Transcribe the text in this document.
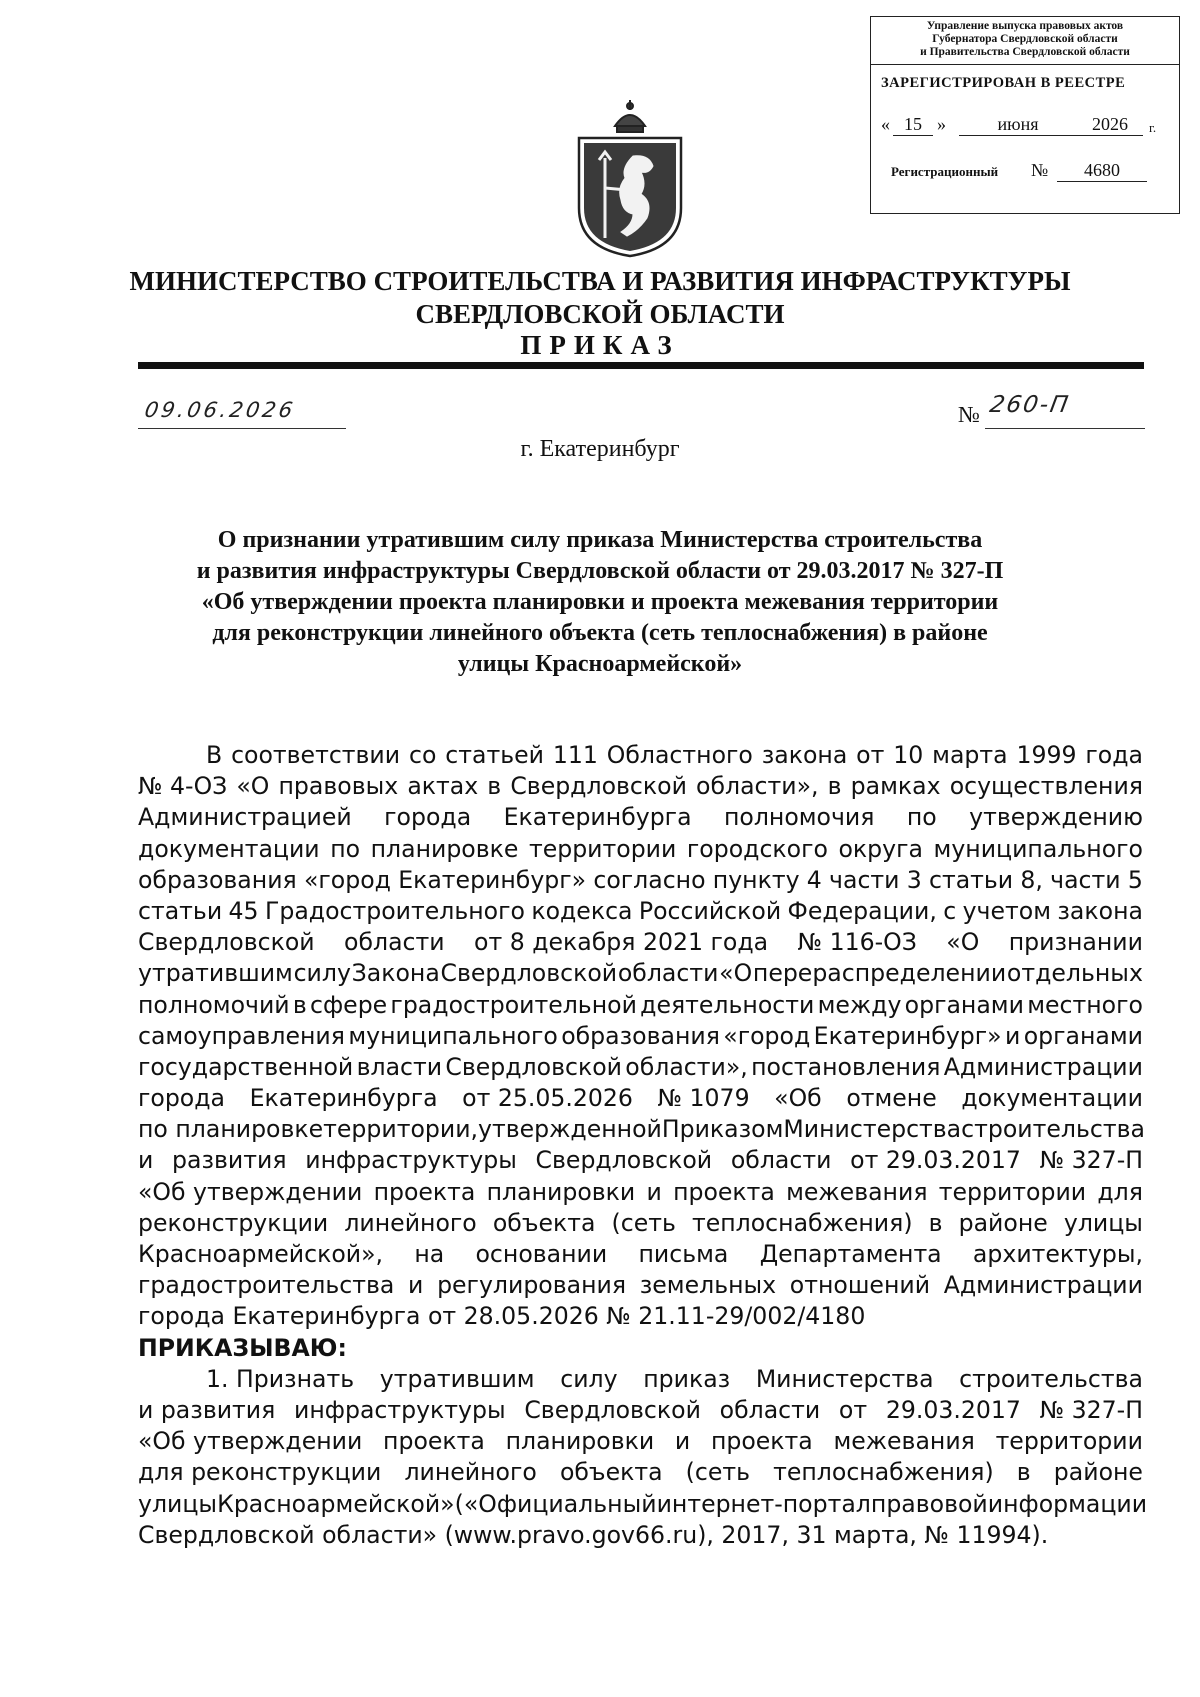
Управление выпуска правовых актов
Губернатора Свердловской области
и Правительства Свердловской области
ЗАРЕГИСТРИРОВАН В РЕЕСТРЕ
« 15 »	июня	2026	г.
Регистрационный №	4680
МИНИСТЕРСТВО СТРОИТЕЛЬСТВА И РАЗВИТИЯ ИНФРАСТРУКТУРЫ
СВЕРДЛОВСКОЙ ОБЛАСТИ
ПРИКАЗ
09.06.2026	№ 260-П
г. Екатеринбург
О признании утратившим силу приказа Министерства строительства
и развития инфраструктуры Свердловской области от 29.03.2017 № 327-П
«Об утверждении проекта планировки и проекта межевания территории
для реконструкции линейного объекта (сеть теплоснабжения) в районе
улицы Красноармейской»
В соответствии со статьей 111 Областного закона от 10 марта 1999 года
№ 4-ОЗ «О правовых актах в Свердловской области», в рамках осуществления
Администрацией города Екатеринбурга полномочия по утверждению
документации по планировке территории городского округа муниципального
образования «город Екатеринбург» согласно пункту 4 части 3 статьи 8, части 5
статьи 45 Градостроительного кодекса Российской Федерации, с учетом закона
Свердловской области от 8 декабря 2021 года № 116-ОЗ «О признании
утратившим силу Закона Свердловской области «О перераспределении отдельных
полномочий в сфере градостроительной деятельности между органами местного
самоуправления муниципального образования «город Екатеринбург» и органами
государственной власти Свердловской области», постановления Администрации
города Екатеринбурга от 25.05.2026 № 1079 «Об отмене документации
по планировке территории, утвержденной Приказом Министерства строительства
и развития инфраструктуры Свердловской области от 29.03.2017 № 327-П
«Об утверждении проекта планировки и проекта межевания территории для
реконструкции линейного объекта (сеть теплоснабжения) в районе улицы
Красноармейской», на основании письма Департамента архитектуры,
градостроительства и регулирования земельных отношений Администрации
города Екатеринбурга от 28.05.2026 № 21.11-29/002/4180
ПРИКАЗЫВАЮ:
1. Признать утратившим силу приказ Министерства строительства
и развития инфраструктуры Свердловской области от 29.03.2017 № 327-П
«Об утверждении проекта планировки и проекта межевания территории
для реконструкции линейного объекта (сеть теплоснабжения) в районе
улицы Красноармейской» («Официальный интернет-портал правовой информации
Свердловской области» (www.pravo.gov66.ru), 2017, 31 марта, № 11994).
